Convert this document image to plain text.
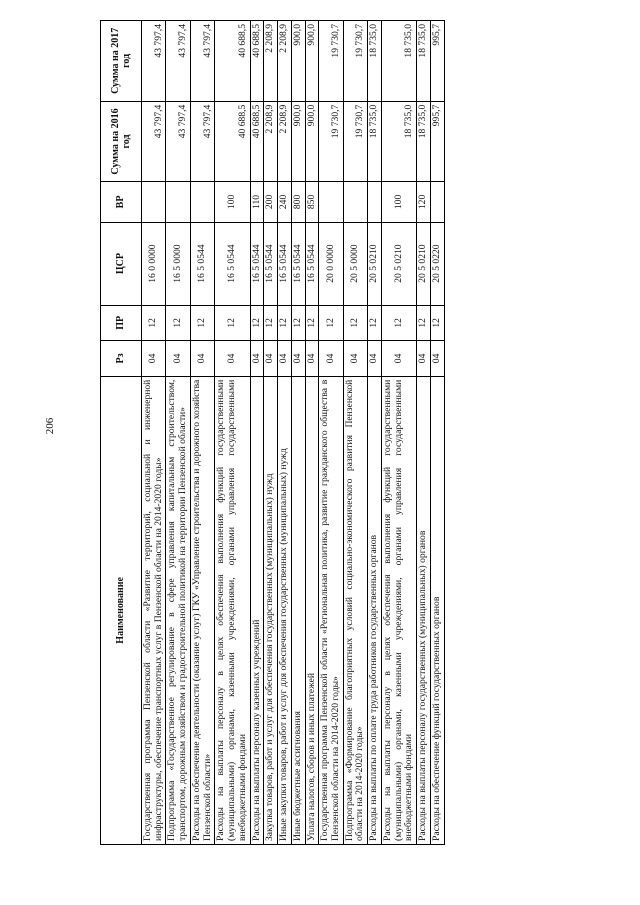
206
Наименование	Рз	ПР	ЦСР	ВР	Сумма на 2016 год	Сумма на 2017 год
Государственная программа Пензенской области «Развитие территорий, социальной и инженерной инфраструктуры, обеспечение транспортных услуг в Пензенской области на 2014-2020 годы»	04	12	16 0 0000		43 797,4	43 797,4
Подпрограмма «Государственное регулирование в сфере управления капитальным строительством, транспортом, дорожным хозяйством и градостроительной политикой на территории Пензенской области»	04	12	16 5 0000		43 797,4	43 797,4
Расходы на обеспечение деятельности (оказание услуг) ГКУ «Управление строительства и дорожного хозяйства Пензенской области»	04	12	16 5 0544		43 797,4	43 797,4
Расходы на выплаты персоналу в целях обеспечения выполнения функций государственными (муниципальными) органами, казенными учреждениями, органами управления государственными внебюджетными фондами	04	12	16 5 0544	100	40 688,5	40 688,5
Расходы на выплаты персоналу казенных учреждений	04	12	16 5 0544	110	40 688,5	40 688,5
Закупка товаров, работ и услуг для обеспечения государственных (муниципальных) нужд	04	12	16 5 0544	200	2 208,9	2 208,9
Иные закупки товаров, работ и услуг для обеспечения государственных (муниципальных) нужд	04	12	16 5 0544	240	2 208,9	2 208,9
Иные бюджетные ассигнования	04	12	16 5 0544	800	900,0	900,0
Уплата налогов, сборов и иных платежей	04	12	16 5 0544	850	900,0	900,0
Государственная программа Пензенской области «Региональная политика, развитие гражданского общества в Пензенской области на 2014-2020 годы»	04	12	20 0 0000		19 730,7	19 730,7
Подпрограмма «Формирование благоприятных условий социально-экономического развития Пензенской области на 2014-2020 годы»	04	12	20 5 0000		19 730,7	19 730,7
Расходы на выплаты по оплате труда работников государственных органов	04	12	20 5 0210		18 735,0	18 735,0
Расходы на выплаты персоналу в целях обеспечения выполнения функций государственными (муниципальными) органами, казенными учреждениями, органами управления государственными внебюджетными фондами	04	12	20 5 0210	100	18 735,0	18 735,0
Расходы на выплаты персоналу государственных (муниципальных) органов	04	12	20 5 0210	120	18 735,0	18 735,0
Расходы на обеспечение функций государственных органов	04	12	20 5 0220		995,7	995,7
